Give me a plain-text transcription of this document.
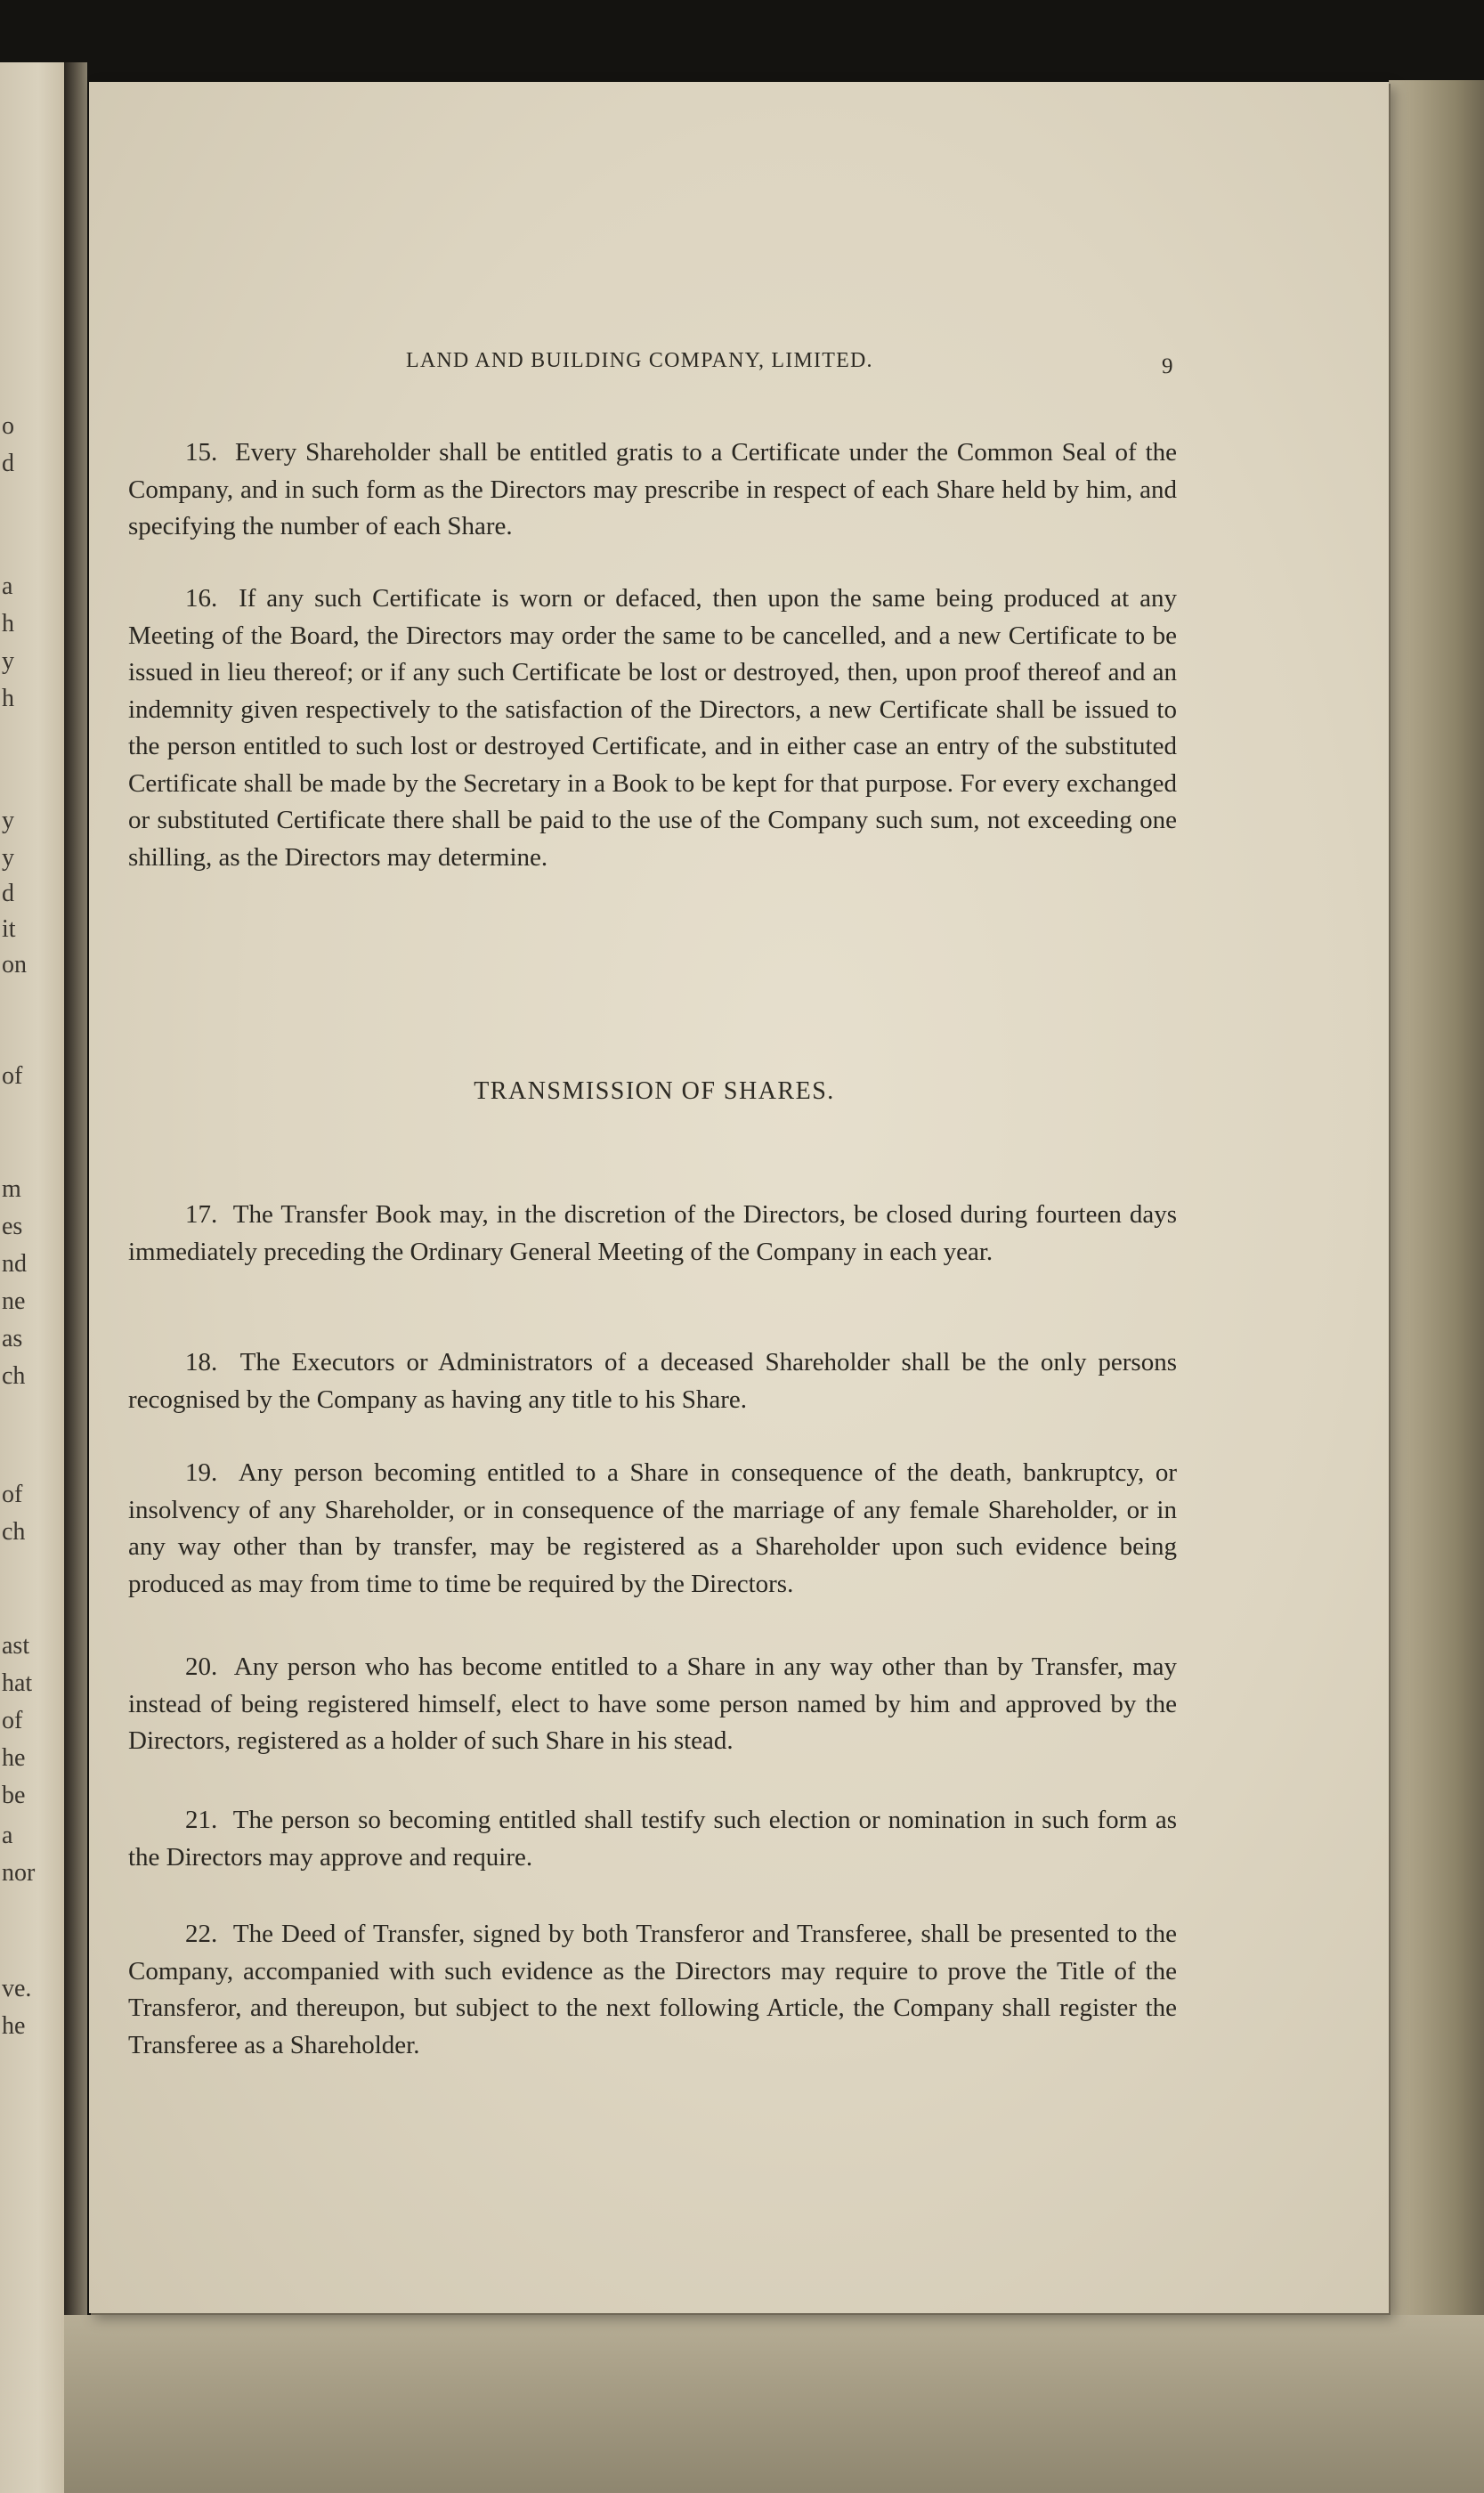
o
d
a
h
y
h
y
y
d
it
on
of
m
es
nd
ne
as
ch
of
ch
ast
hat
of
he
be
a
nor
ve.
he
LAND AND BUILDING COMPANY, LIMITED.	9

15. Every Shareholder shall be entitled gratis to a Certificate under the Common Seal of the Company, and in such form as the Directors may prescribe in respect of each Share held by him, and specifying the number of each Share.

16. If any such Certificate is worn or defaced, then upon the same being produced at any Meeting of the Board, the Directors may order the same to be cancelled, and a new Certificate to be issued in lieu thereof; or if any such Certificate be lost or destroyed, then, upon proof thereof and an indemnity given respectively to the satisfaction of the Directors, a new Certificate shall be issued to the person entitled to such lost or destroyed Certificate, and in either case an entry of the substituted Certificate shall be made by the Secretary in a Book to be kept for that purpose. For every exchanged or substituted Certificate there shall be paid to the use of the Company such sum, not exceeding one shilling, as the Directors may determine.

TRANSMISSION OF SHARES.

17. The Transfer Book may, in the discretion of the Directors, be closed during fourteen days immediately preceding the Ordinary General Meeting of the Company in each year.

18. The Executors or Administrators of a deceased Shareholder shall be the only persons recognised by the Company as having any title to his Share.

19. Any person becoming entitled to a Share in consequence of the death, bankruptcy, or insolvency of any Shareholder, or in consequence of the marriage of any female Shareholder, or in any way other than by transfer, may be registered as a Shareholder upon such evidence being produced as may from time to time be required by the Directors.

20. Any person who has become entitled to a Share in any way other than by Transfer, may instead of being registered himself, elect to have some person named by him and approved by the Directors, registered as a holder of such Share in his stead.

21. The person so becoming entitled shall testify such election or nomination in such form as the Directors may approve and require.

22. The Deed of Transfer, signed by both Transferor and Transferee, shall be presented to the Company, accompanied with such evidence as the Directors may require to prove the Title of the Transferor, and thereupon, but subject to the next following Article, the Company shall register the Transferee as a Shareholder.
